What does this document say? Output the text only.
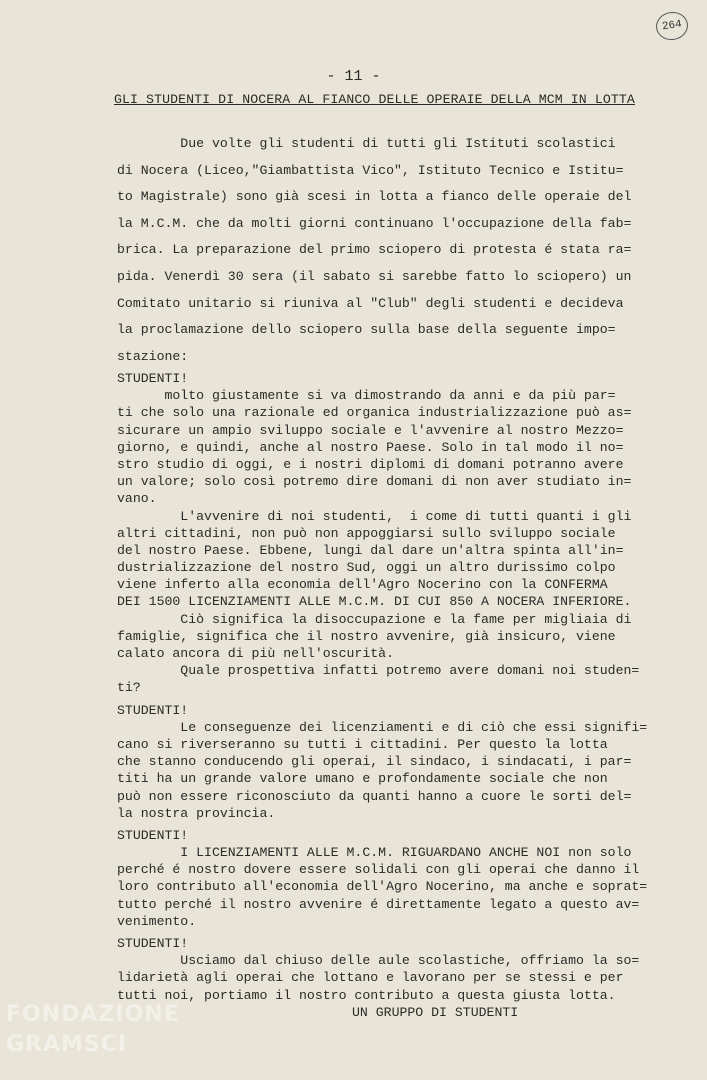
264
- 11 -
GLI STUDENTI DI NOCERA AL FIANCO DELLE OPERAIE DELLA MCM IN LOTTA
Due volte gli studenti di tutti gli Istituti scolastici
di Nocera (Liceo,"Giambattista Vico", Istituto Tecnico e Istitu=
to Magistrale) sono già scesi in lotta a fianco delle operaie del
la M.C.M. che da molti giorni continuano l'occupazione della fab=
brica. La preparazione del primo sciopero di protesta é stata ra=
pida. Venerdì 30 sera (il sabato si sarebbe fatto lo sciopero) un
Comitato unitario si riuniva al "Club" degli studenti e decideva
la proclamazione dello sciopero sulla base della seguente impo=
stazione:
STUDENTI!
molto giustamente si va dimostrando da anni e da più par=
ti che solo una razionale ed organica industrializzazione può as=
sicurare un ampio sviluppo sociale e l'avvenire al nostro Mezzo=
giorno, e quindi, anche al nostro Paese. Solo in tal modo il no=
stro studio di oggi, e i nostri diplomi di domani potranno avere
un valore; solo così potremo dire domani di non aver studiato in=
vano.
L'avvenire di noi studenti,  i come di tutti quanti i gli
altri cittadini, non può non appoggiarsi sullo sviluppo sociale
del nostro Paese. Ebbene, lungi dal dare un'altra spinta all'in=
dustrializzazione del nostro Sud, oggi un altro durissimo colpo
viene inferto alla economia dell'Agro Nocerino con la CONFERMA
DEI 1500 LICENZIAMENTI ALLE M.C.M. DI CUI 850 A NOCERA INFERIORE.
Ciò significa la disoccupazione e la fame per migliaia di
famiglie, significa che il nostro avvenire, già insicuro, viene
calato ancora di più nell'oscurità.
Quale prospettiva infatti potremo avere domani noi studen=
ti?
STUDENTI!
Le conseguenze dei licenziamenti e di ciò che essi signifi=
cano si riverseranno su tutti i cittadini. Per questo la lotta
che stanno conducendo gli operai, il sindaco, i sindacati, i par=
titi ha un grande valore umano e profondamente sociale che non
può non essere riconosciuto da quanti hanno a cuore le sorti del=
la nostra provincia.
STUDENTI!
I LICENZIAMENTI ALLE M.C.M. RIGUARDANO ANCHE NOI non solo
perché é nostro dovere essere solidali con gli operai che danno il
loro contributo all'economia dell'Agro Nocerino, ma anche e soprat=
tutto perché il nostro avvenire é direttamente legato a questo av=
venimento.
STUDENTI!
Usciamo dal chiuso delle aule scolastiche, offriamo la so=
lidarietà agli operai che lottano e lavorano per se stessi e per
tutti noi, portiamo il nostro contributo a questa giusta lotta.
UN GRUPPO DI STUDENTI
FONDAZIONE
GRAMSCI
